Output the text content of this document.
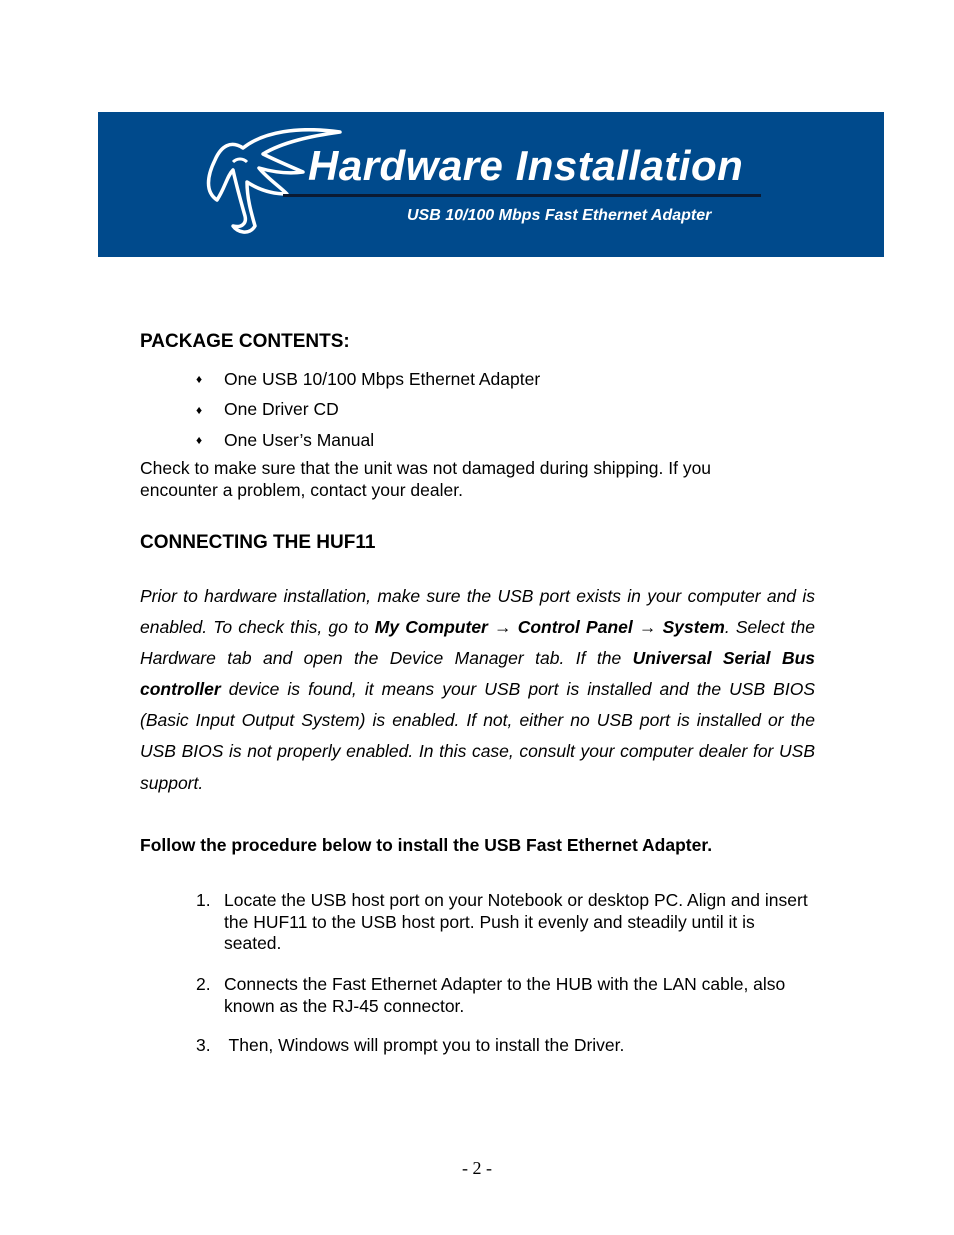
Hardware Installation
USB 10/100 Mbps Fast Ethernet Adapter
PACKAGE CONTENTS:
♦	One USB 10/100 Mbps Ethernet Adapter
♦	One Driver CD
♦	One User’s Manual

Check to make sure that the unit was not damaged during shipping. If you encounter a problem, contact your dealer.

CONNECTING THE HUF11

Prior to hardware installation, make sure the USB port exists in your computer and is enabled. To check this, go to My Computer → Control Panel → System. Select the Hardware tab and open the Device Manager tab. If the Universal Serial Bus controller device is found, it means your USB port is installed and the USB BIOS (Basic Input Output System) is enabled. If not, either no USB port is installed or the USB BIOS is not properly enabled. In this case, consult your computer dealer for USB support.

Follow the procedure below to install the USB Fast Ethernet Adapter.

1. Locate the USB host port on your Notebook or desktop PC. Align and insert the HUF11 to the USB host port. Push it evenly and steadily until it is seated.
2. Connects the Fast Ethernet Adapter to the HUB with the LAN cable, also known as the RJ-45 connector.
3. Then, Windows will prompt you to install the Driver.
- 2 -
